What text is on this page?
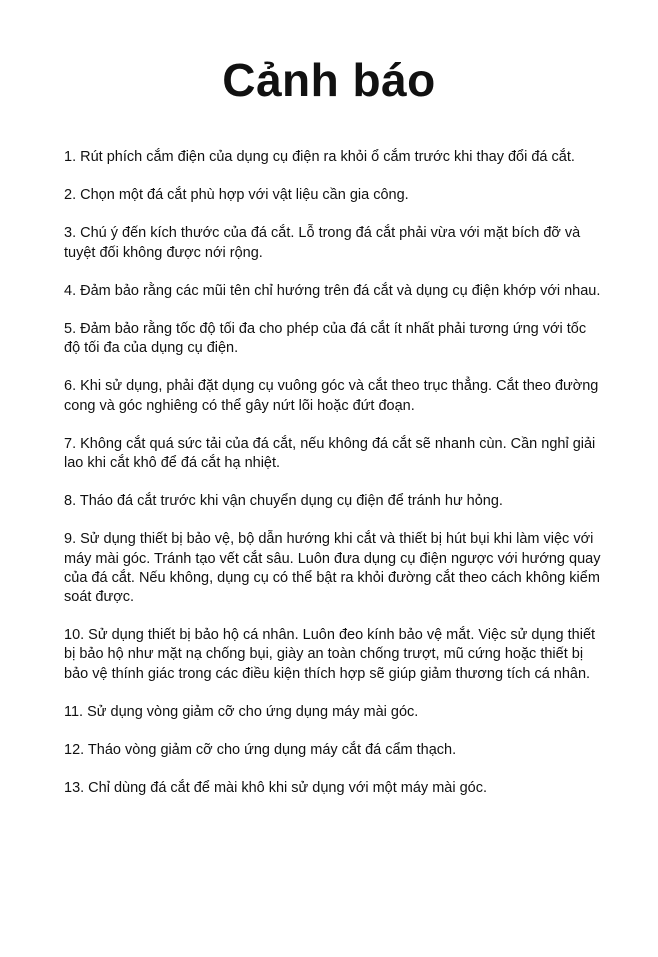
Cảnh báo
1. Rút phích cắm điện của dụng cụ điện ra khỏi ổ cắm trước khi thay đổi đá cắt.
2. Chọn một đá cắt phù hợp với vật liệu cần gia công.
3. Chú ý đến kích thước của đá cắt. Lỗ trong đá cắt phải vừa với mặt bích đỡ và tuyệt đối không được nới rộng.
4. Đảm bảo rằng các mũi tên chỉ hướng trên đá cắt và dụng cụ điện khớp với nhau.
5. Đảm bảo rằng tốc độ tối đa cho phép của đá cắt ít nhất phải tương ứng với tốc độ tối đa của dụng cụ điện.
6. Khi sử dụng, phải đặt dụng cụ vuông góc và cắt theo trục thẳng. Cắt theo đường cong và góc nghiêng có thể gây nứt lõi hoặc đứt đoạn.
7. Không cắt quá sức tải của đá cắt, nếu không đá cắt sẽ nhanh cùn. Cần nghỉ giải lao khi cắt khô để đá cắt hạ nhiệt.
8. Tháo đá cắt trước khi vận chuyển dụng cụ điện để tránh hư hỏng.
9. Sử dụng thiết bị bảo vệ, bộ dẫn hướng khi cắt và thiết bị hút bụi khi làm việc với máy mài góc. Tránh tạo vết cắt sâu. Luôn đưa dụng cụ điện ngược với hướng quay của đá cắt. Nếu không, dụng cụ có thể bật ra khỏi đường cắt theo cách không kiểm soát được.
10. Sử dụng thiết bị bảo hộ cá nhân. Luôn đeo kính bảo vệ mắt. Việc sử dụng thiết bị bảo hộ như mặt nạ chống bụi, giày an toàn chống trượt, mũ cứng hoặc thiết bị bảo vệ thính giác trong các điều kiện thích hợp sẽ giúp giảm thương tích cá nhân.
11. Sử dụng vòng giảm cỡ cho ứng dụng máy mài góc.
12. Tháo vòng giảm cỡ cho ứng dụng máy cắt đá cẩm thạch.
13. Chỉ dùng đá cắt để mài khô khi sử dụng với một máy mài góc.
